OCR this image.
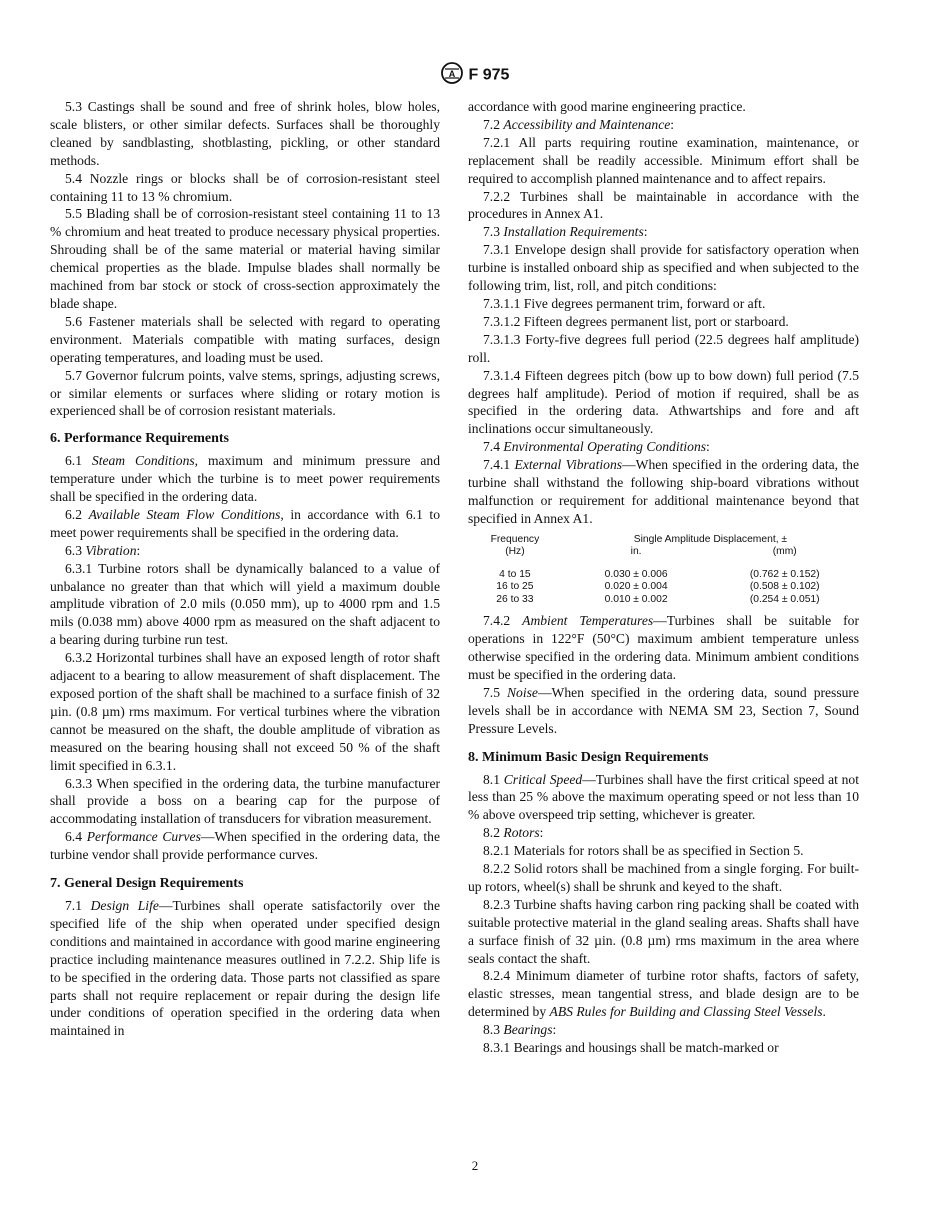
A F 975

5.3 Castings shall be sound and free of shrink holes, blow holes, scale blisters, or other similar defects. Surfaces shall be thoroughly cleaned by sandblasting, shotblasting, pickling, or other standard methods.

5.4 Nozzle rings or blocks shall be of corrosion-resistant steel containing 11 to 13 % chromium.

5.5 Blading shall be of corrosion-resistant steel containing 11 to 13 % chromium and heat treated to produce necessary physical properties. Shrouding shall be of the same material or material having similar chemical properties as the blade. Impulse blades shall normally be machined from bar stock or stock of cross-section approximately the blade shape.

5.6 Fastener materials shall be selected with regard to operating environment. Materials compatible with mating surfaces, design operating temperatures, and loading must be used.

5.7 Governor fulcrum points, valve stems, springs, adjusting screws, or similar elements or surfaces where sliding or rotary motion is experienced shall be of corrosion resistant materials.

6. Performance Requirements

6.1 Steam Conditions, maximum and minimum pressure and temperature under which the turbine is to meet power requirements shall be specified in the ordering data.

6.2 Available Steam Flow Conditions, in accordance with 6.1 to meet power requirements shall be specified in the ordering data.

6.3 Vibration:

6.3.1 Turbine rotors shall be dynamically balanced to a value of unbalance no greater than that which will yield a maximum double amplitude vibration of 2.0 mils (0.050 mm), up to 4000 rpm and 1.5 mils (0.038 mm) above 4000 rpm as measured on the shaft adjacent to a bearing during turbine run test.

6.3.2 Horizontal turbines shall have an exposed length of rotor shaft adjacent to a bearing to allow measurement of shaft displacement. The exposed portion of the shaft shall be machined to a surface finish of 32 µin. (0.8 µm) rms maximum. For vertical turbines where the vibration cannot be measured on the shaft, the double amplitude of vibration as measured on the bearing housing shall not exceed 50 % of the shaft limit specified in 6.3.1.

6.3.3 When specified in the ordering data, the turbine manufacturer shall provide a boss on a bearing cap for the purpose of accommodating installation of transducers for vibration measurement.

6.4 Performance Curves—When specified in the ordering data, the turbine vendor shall provide performance curves.

7. General Design Requirements

7.1 Design Life—Turbines shall operate satisfactorily over the specified life of the ship when operated under specified design conditions and maintained in accordance with good marine engineering practice including maintenance measures outlined in 7.2.2. Ship life is to be specified in the ordering data. Those parts not classified as spare parts shall not require replacement or repair during the design life under conditions of operation specified in the ordering data when maintained in

accordance with good marine engineering practice.

7.2 Accessibility and Maintenance:

7.2.1 All parts requiring routine examination, maintenance, or replacement shall be readily accessible. Minimum effort shall be required to accomplish planned maintenance and to affect repairs.

7.2.2 Turbines shall be maintainable in accordance with the procedures in Annex A1.

7.3 Installation Requirements:

7.3.1 Envelope design shall provide for satisfactory operation when turbine is installed onboard ship as specified and when subjected to the following trim, list, roll, and pitch conditions:

7.3.1.1 Five degrees permanent trim, forward or aft.

7.3.1.2 Fifteen degrees permanent list, port or starboard.

7.3.1.3 Forty-five degrees full period (22.5 degrees half amplitude) roll.

7.3.1.4 Fifteen degrees pitch (bow up to bow down) full period (7.5 degrees half amplitude). Period of motion if required, shall be as specified in the ordering data. Athwartships and fore and aft inclinations occur simultaneously.

7.4 Environmental Operating Conditions:

7.4.1 External Vibrations—When specified in the ordering data, the turbine shall withstand the following ship-board vibrations without malfunction or requirement for additional maintenance beyond that specified in Annex A1.

Frequency	Single Amplitude Displacement, ±	
(Hz)	in.	(mm)

4 to 15	0.030 ± 0.006	(0.762 ± 0.152)
16 to 25	0.020 ± 0.004	(0.508 ± 0.102)
26 to 33	0.010 ± 0.002	(0.254 ± 0.051)

7.4.2 Ambient Temperatures—Turbines shall be suitable for operations in 122°F (50°C) maximum ambient temperature unless otherwise specified in the ordering data. Minimum ambient conditions must be specified in the ordering data.

7.5 Noise—When specified in the ordering data, sound pressure levels shall be in accordance with NEMA SM 23, Section 7, Sound Pressure Levels.

8. Minimum Basic Design Requirements

8.1 Critical Speed—Turbines shall have the first critical speed at not less than 25 % above the maximum operating speed or not less than 10 % above overspeed trip setting, whichever is greater.

8.2 Rotors:

8.2.1 Materials for rotors shall be as specified in Section 5.

8.2.2 Solid rotors shall be machined from a single forging. For built-up rotors, wheel(s) shall be shrunk and keyed to the shaft.

8.2.3 Turbine shafts having carbon ring packing shall be coated with suitable protective material in the gland sealing areas. Shafts shall have a surface finish of 32 µin. (0.8 µm) rms maximum in the area where seals contact the shaft.

8.2.4 Minimum diameter of turbine rotor shafts, factors of safety, elastic stresses, mean tangential stress, and blade design are to be determined by ABS Rules for Building and Classing Steel Vessels.

8.3 Bearings:

8.3.1 Bearings and housings shall be match-marked or

2
